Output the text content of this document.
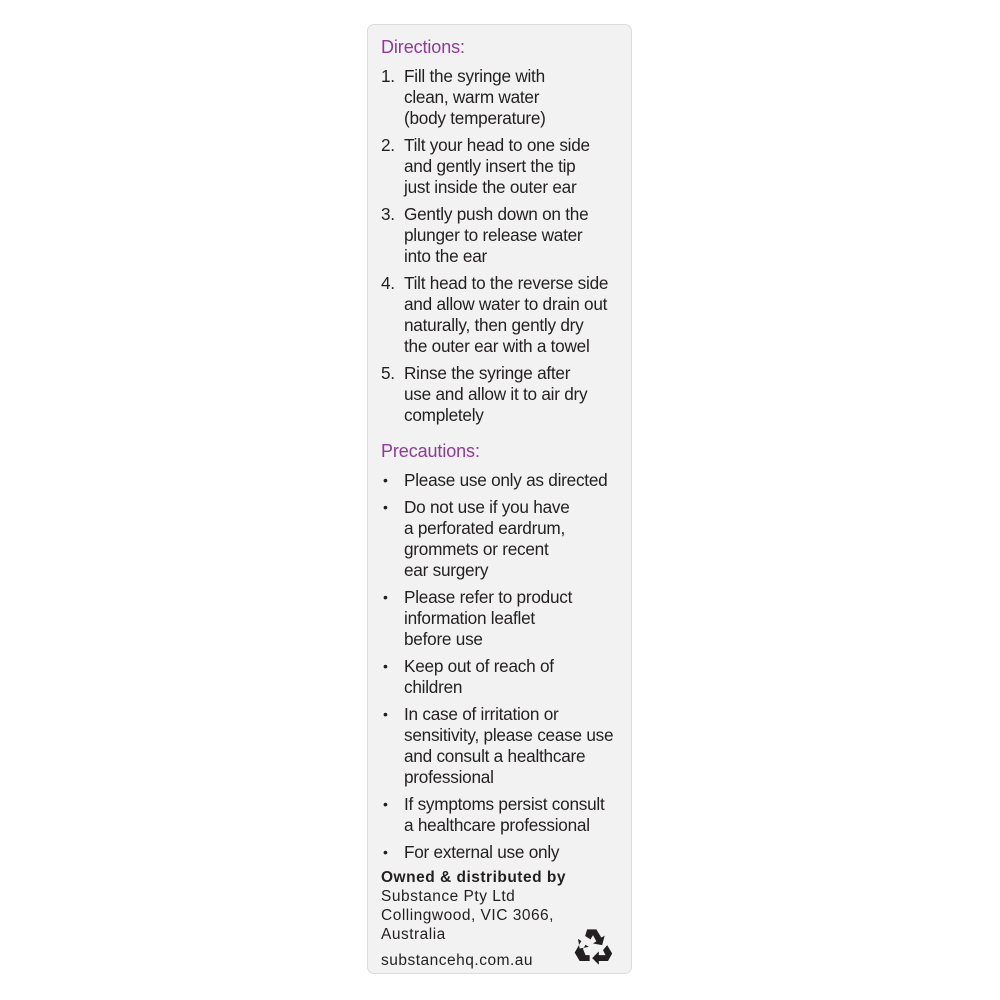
Directions:
1. Fill the syringe with
clean, warm water
(body temperature)
2. Tilt your head to one side
and gently insert the tip
just inside the outer ear
3. Gently push down on the
plunger to release water
into the ear
4. Tilt head to the reverse side
and allow water to drain out
naturally, then gently dry
the outer ear with a towel
5. Rinse the syringe after
use and allow it to air dry
completely
Precautions:
• Please use only as directed
• Do not use if you have
a perforated eardrum,
grommets or recent
ear surgery
• Please refer to product
information leaflet
before use
• Keep out of reach of
children
• In case of irritation or
sensitivity, please cease use
and consult a healthcare
professional
• If symptoms persist consult
a healthcare professional
• For external use only
Owned & distributed by
Substance Pty Ltd
Collingwood, VIC 3066,
Australia
substancehq.com.au
